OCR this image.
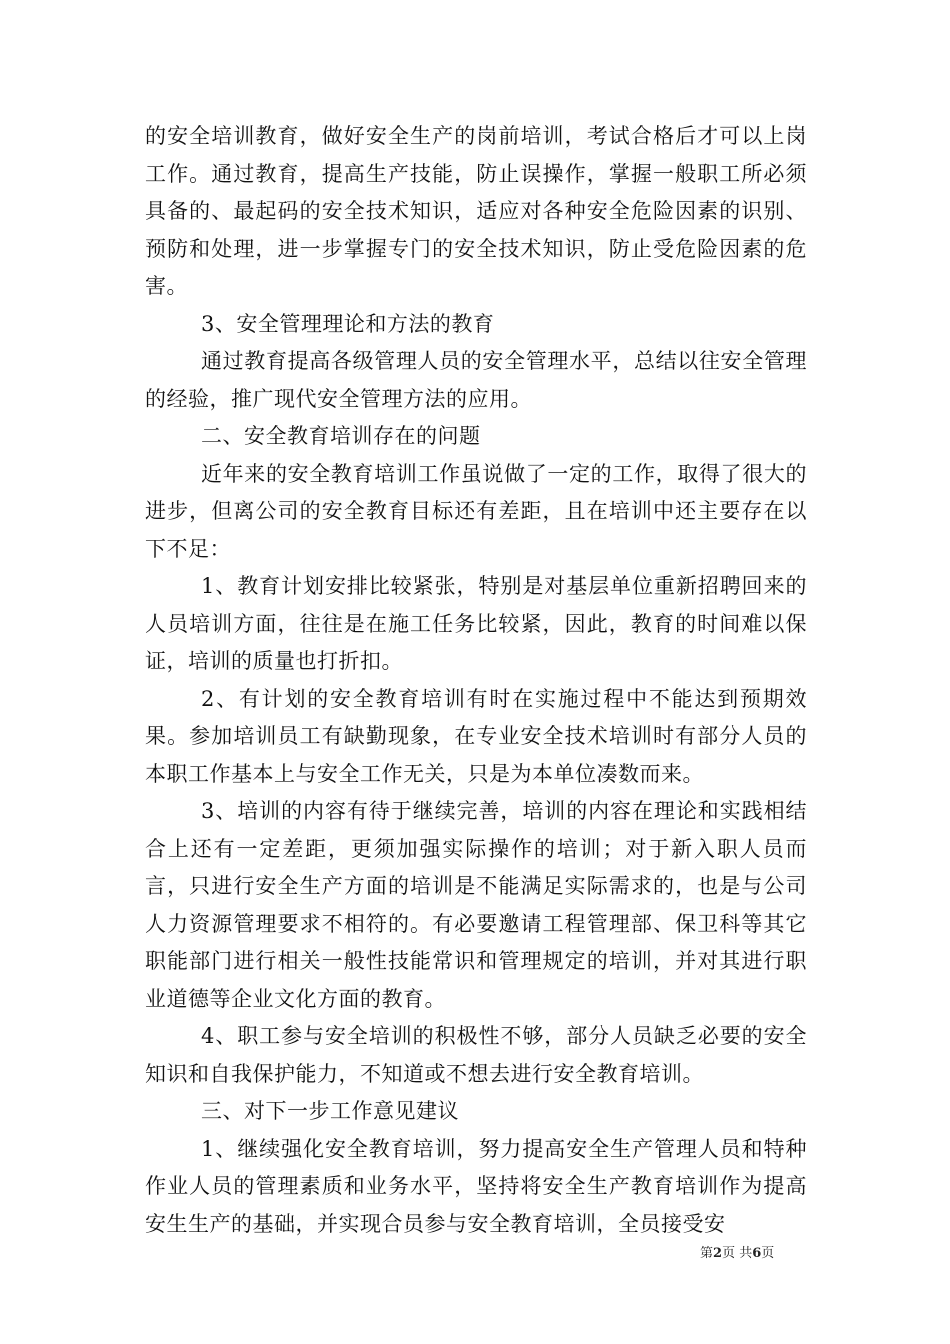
的安全培训教育，做好安全生产的岗前培训，考试合格后才可以上岗工作。通过教育，提高生产技能，防止误操作，掌握一般职工所必须具备的、最起码的安全技术知识，适应对各种安全危险因素的识别、预防和处理，进一步掌握专门的安全技术知识，防止受危险因素的危害。

3、安全管理理论和方法的教育

通过教育提高各级管理人员的安全管理水平，总结以往安全管理的经验，推广现代安全管理方法的应用。

二、安全教育培训存在的问题

近年来的安全教育培训工作虽说做了一定的工作，取得了很大的进步，但离公司的安全教育目标还有差距，且在培训中还主要存在以下不足：

1、教育计划安排比较紧张，特别是对基层单位重新招聘回来的人员培训方面，往往是在施工任务比较紧，因此，教育的时间难以保证，培训的质量也打折扣。

2、有计划的安全教育培训有时在实施过程中不能达到预期效果。参加培训员工有缺勤现象，在专业安全技术培训时有部分人员的本职工作基本上与安全工作无关，只是为本单位凑数而来。

3、培训的内容有待于继续完善，培训的内容在理论和实践相结合上还有一定差距，更须加强实际操作的培训；对于新入职人员而言，只进行安全生产方面的培训是不能满足实际需求的，也是与公司人力资源管理要求不相符的。有必要邀请工程管理部、保卫科等其它职能部门进行相关一般性技能常识和管理规定的培训，并对其进行职业道德等企业文化方面的教育。

4、职工参与安全培训的积极性不够，部分人员缺乏必要的安全知识和自我保护能力，不知道或不想去进行安全教育培训。

三、对下一步工作意见建议

1、继续强化安全教育培训，努力提高安全生产管理人员和特种作业人员的管理素质和业务水平，坚持将安全生产教育培训作为提高安生生产的基础，并实现合员参与安全教育培训，全员接受安

第2页 共6页
